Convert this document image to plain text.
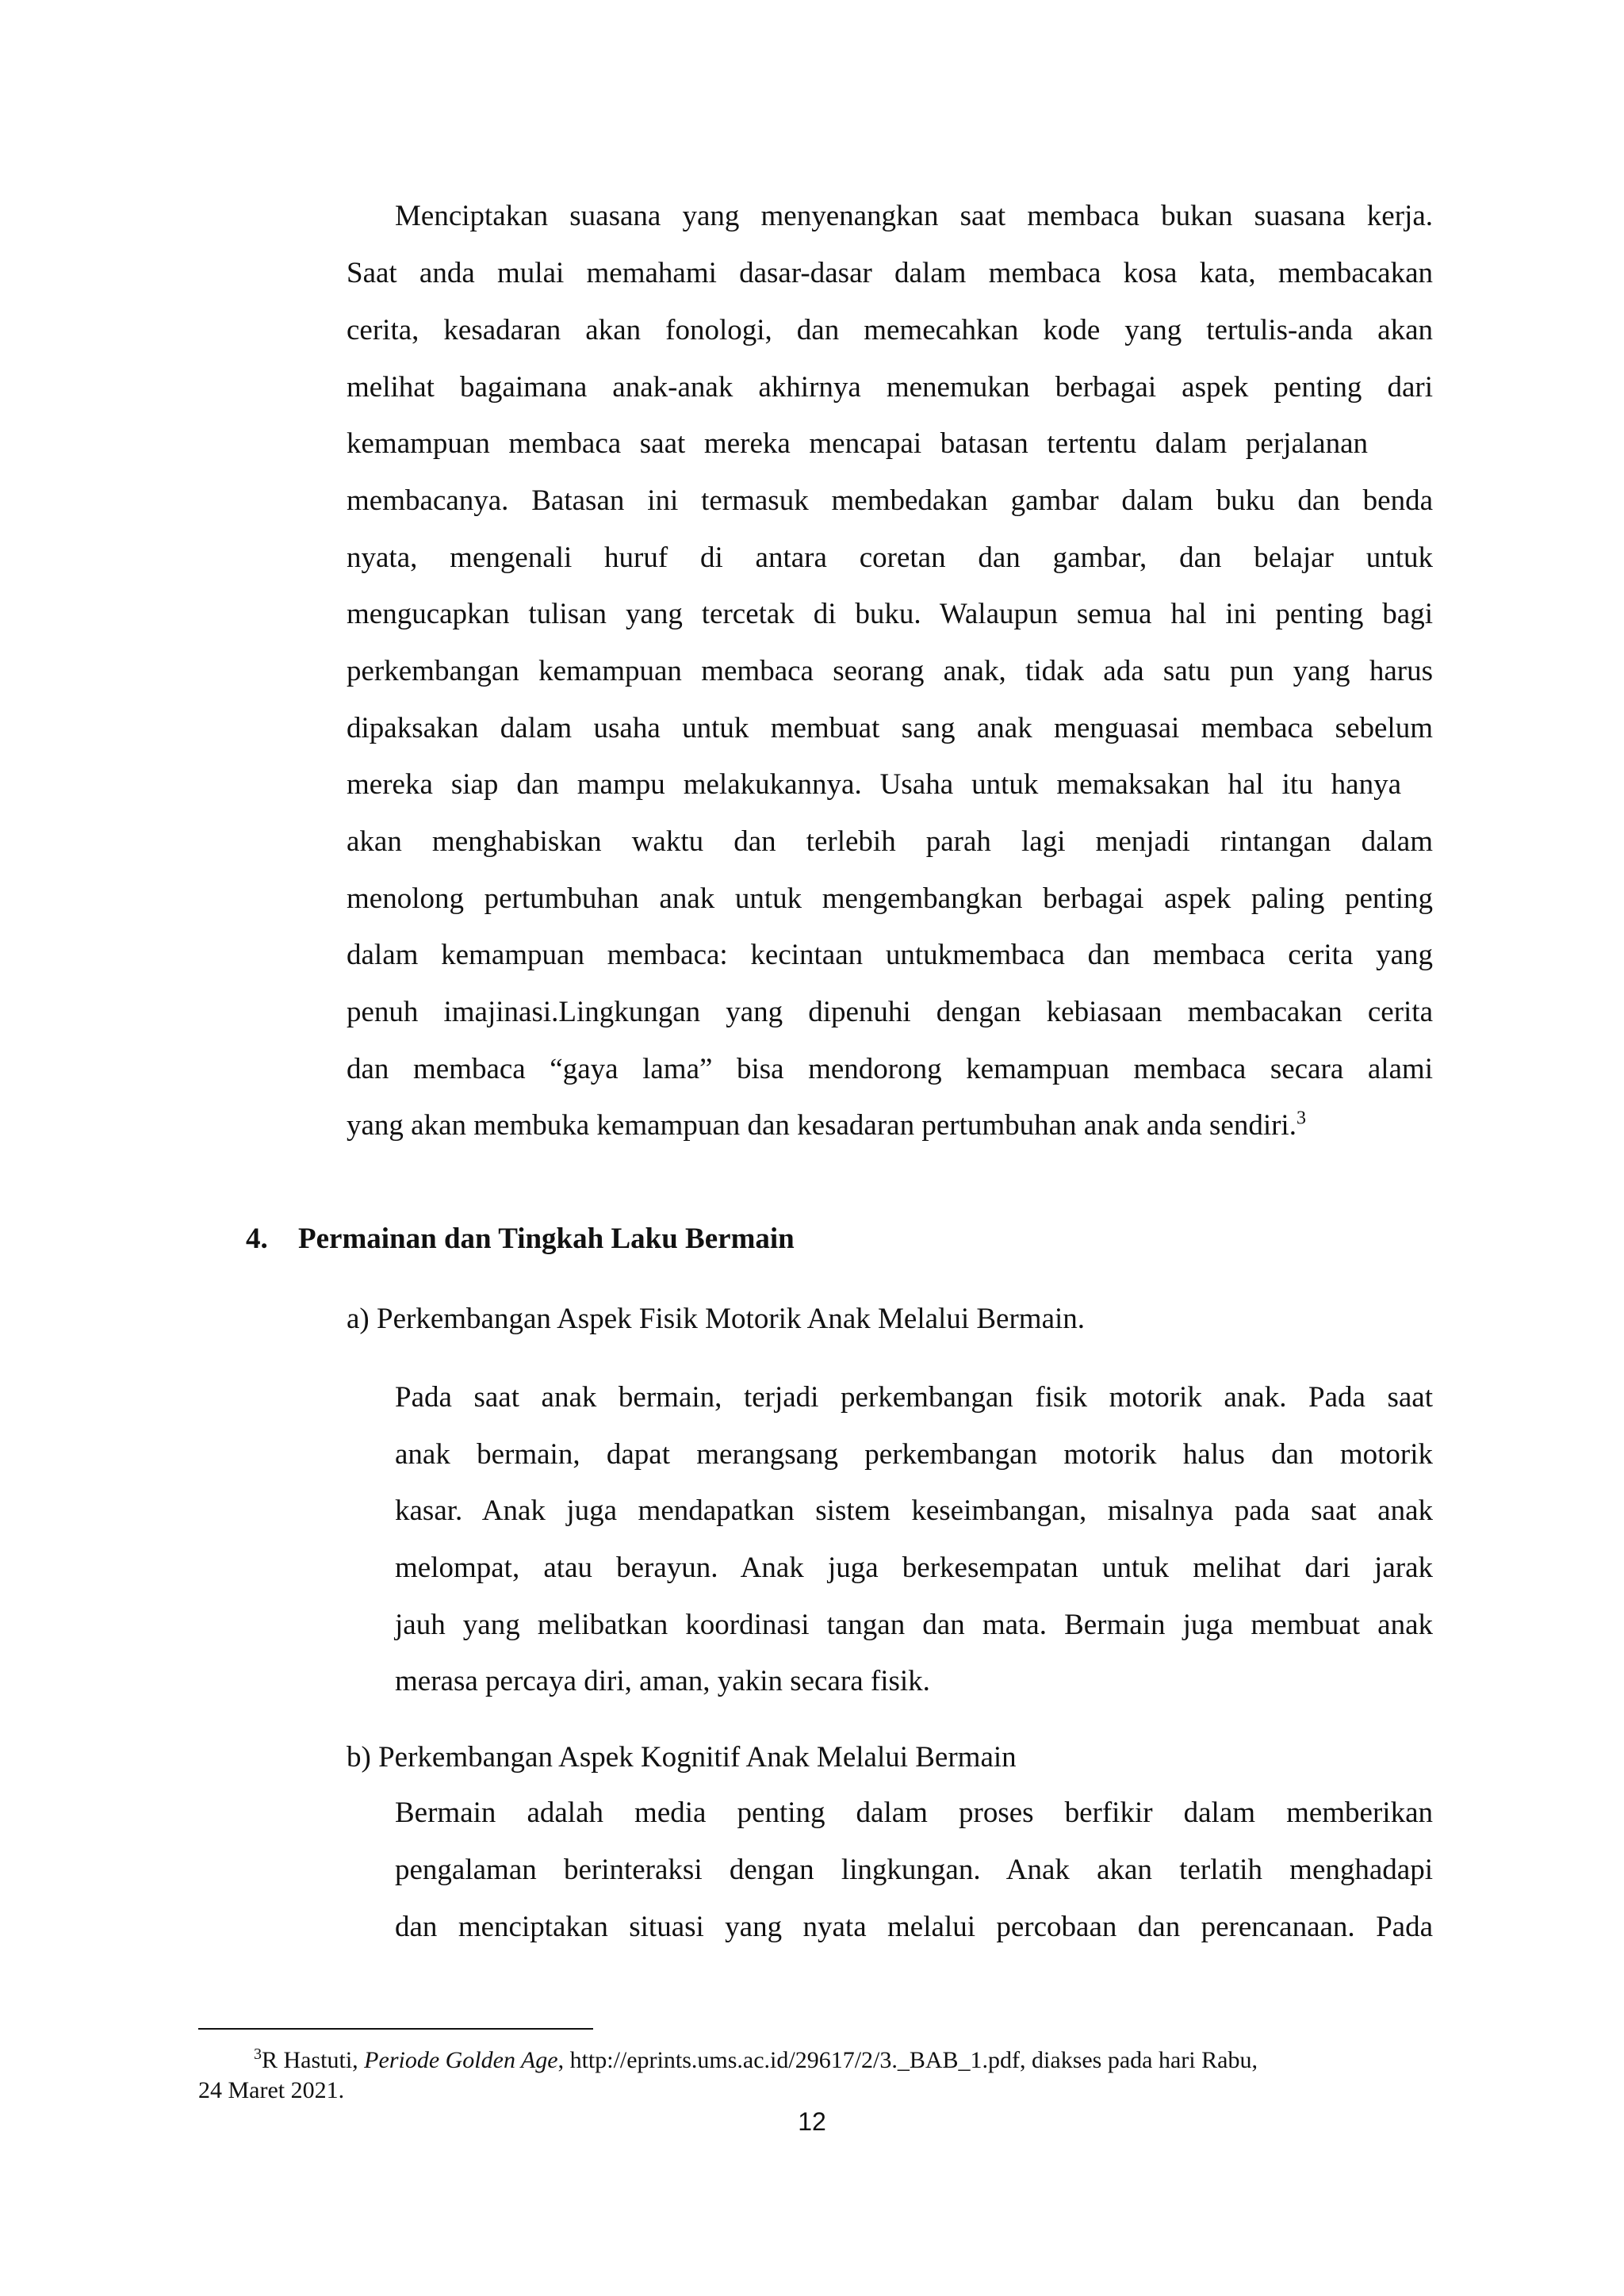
Menciptakan suasana yang menyenangkan saat membaca bukan suasana kerja.
Saat anda mulai memahami dasar-dasar dalam membaca kosa kata, membacakan
cerita, kesadaran akan fonologi, dan memecahkan kode yang tertulis-anda akan
melihat bagaimana anak-anak akhirnya menemukan berbagai aspek penting dari
kemampuan membaca saat mereka mencapai batasan tertentu dalam perjalanan
membacanya. Batasan ini termasuk membedakan gambar dalam buku dan benda
nyata, mengenali huruf di antara coretan dan gambar, dan belajar untuk
mengucapkan tulisan yang tercetak di buku. Walaupun semua hal ini penting bagi
perkembangan kemampuan membaca seorang anak, tidak ada satu pun yang harus
dipaksakan dalam usaha untuk membuat sang anak menguasai membaca sebelum
mereka siap dan mampu melakukannya. Usaha untuk memaksakan hal itu hanya
akan menghabiskan waktu dan terlebih parah lagi menjadi rintangan dalam
menolong pertumbuhan anak untuk mengembangkan berbagai aspek paling penting
dalam kemampuan membaca: kecintaan untukmembaca dan membaca cerita yang
penuh imajinasi.Lingkungan yang dipenuhi dengan kebiasaan membacakan cerita
dan membaca “gaya lama” bisa mendorong kemampuan membaca secara alami
yang akan membuka kemampuan dan kesadaran pertumbuhan anak anda sendiri.$^3$
4. Permainan dan Tingkah Laku Bermain
a) Perkembangan Aspek Fisik Motorik Anak Melalui Bermain.
Pada saat anak bermain, terjadi perkembangan fisik motorik anak. Pada saat
anak bermain, dapat merangsang perkembangan motorik halus dan motorik
kasar. Anak juga mendapatkan sistem keseimbangan, misalnya pada saat anak
melompat, atau berayun. Anak juga berkesempatan untuk melihat dari jarak
jauh yang melibatkan koordinasi tangan dan mata. Bermain juga membuat anak
merasa percaya diri, aman, yakin secara fisik.
b) Perkembangan Aspek Kognitif Anak Melalui Bermain
Bermain adalah media penting dalam proses berfikir dalam memberikan
pengalaman berinteraksi dengan lingkungan. Anak akan terlatih menghadapi
dan menciptakan situasi yang nyata melalui percobaan dan perencanaan. Pada
$^3$R Hastuti, Periode Golden Age, http://eprints.ums.ac.id/29617/2/3._BAB_1.pdf, diakses pada hari Rabu,
24 Maret 2021.
12
